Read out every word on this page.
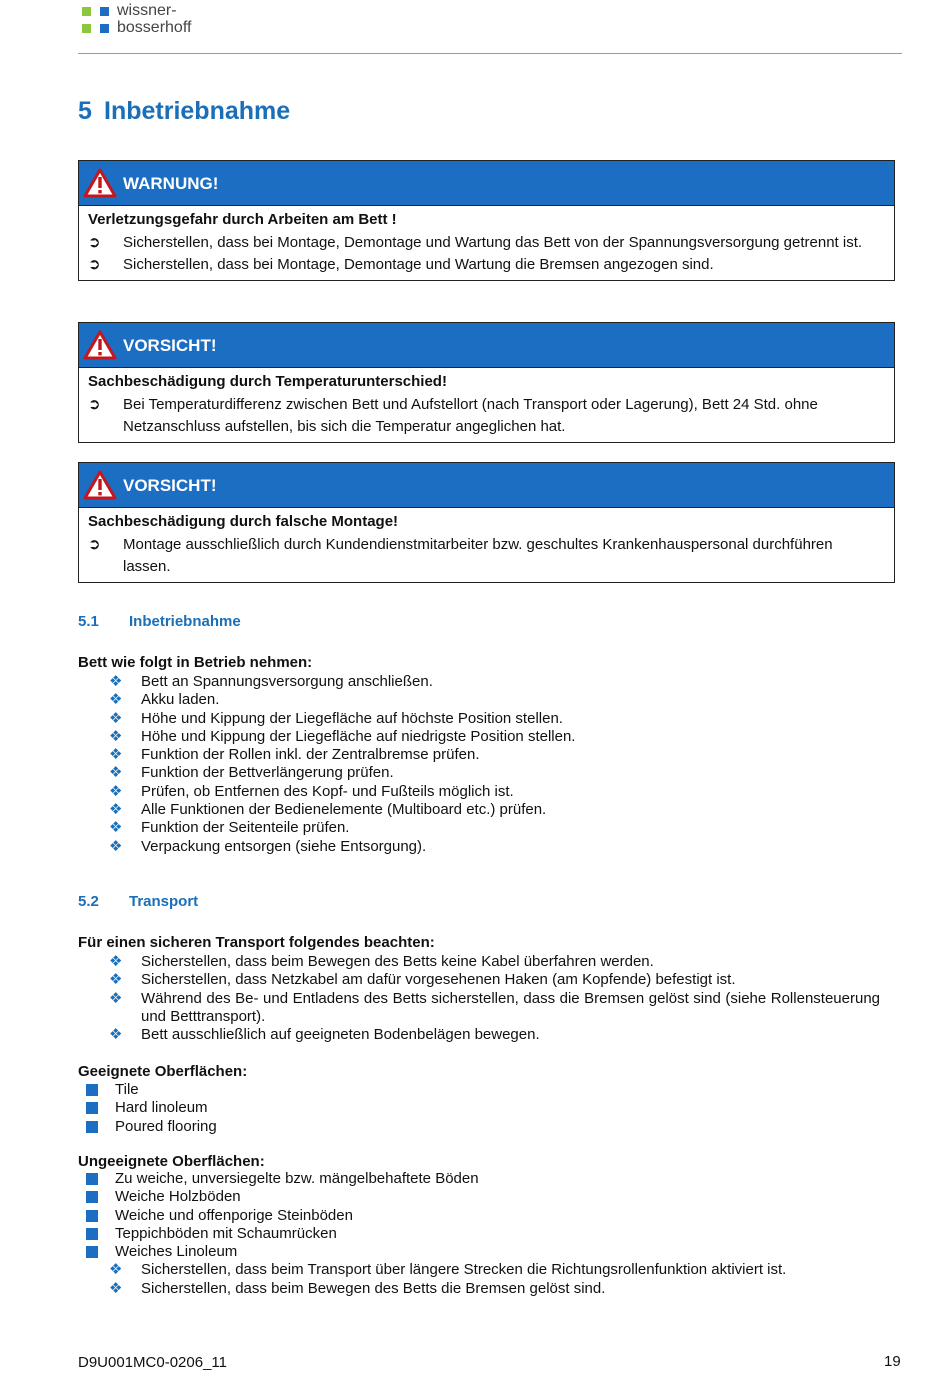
wissner-
bosserhoff
5 Inbetriebnahme
WARNUNG!
Verletzungsgefahr durch Arbeiten am Bett !
➲ Sicherstellen, dass bei Montage, Demontage und Wartung das Bett von der Spannungsversorgung getrennt ist.
➲ Sicherstellen, dass bei Montage, Demontage und Wartung die Bremsen angezogen sind.
VORSICHT!
Sachbeschädigung durch Temperaturunterschied!
➲ Bei Temperaturdifferenz zwischen Bett und Aufstellort (nach Transport oder Lagerung), Bett 24 Std. ohne Netzanschluss aufstellen, bis sich die Temperatur angeglichen hat.
VORSICHT!
Sachbeschädigung durch falsche Montage!
➲ Montage ausschließlich durch Kundendienstmitarbeiter bzw. geschultes Krankenhauspersonal durchführen lassen.
5.1 Inbetriebnahme
Bett wie folgt in Betrieb nehmen:
❖ Bett an Spannungsversorgung anschließen.
❖ Akku laden.
❖ Höhe und Kippung der Liegefläche auf höchste Position stellen.
❖ Höhe und Kippung der Liegefläche auf niedrigste Position stellen.
❖ Funktion der Rollen inkl. der Zentralbremse prüfen.
❖ Funktion der Bettverlängerung prüfen.
❖ Prüfen, ob Entfernen des Kopf- und Fußteils möglich ist.
❖ Alle Funktionen der Bedienelemente (Multiboard etc.) prüfen.
❖ Funktion der Seitenteile prüfen.
❖ Verpackung entsorgen (siehe Entsorgung).
5.2 Transport
Für einen sicheren Transport folgendes beachten:
❖ Sicherstellen, dass beim Bewegen des Betts keine Kabel überfahren werden.
❖ Sicherstellen, dass Netzkabel am dafür vorgesehenen Haken (am Kopfende) befestigt ist.
❖ Während des Be- und Entladens des Betts sicherstellen, dass die Bremsen gelöst sind (siehe Rollensteuerung und Betttransport).
❖ Bett ausschließlich auf geeigneten Bodenbelägen bewegen.
Geeignete Oberflächen:
Tile
Hard linoleum
Poured flooring
Ungeeignete Oberflächen:
Zu weiche, unversiegelte bzw. mängelbehaftete Böden
Weiche Holzböden
Weiche und offenporige Steinböden
Teppichböden mit Schaumrücken
Weiches Linoleum
❖ Sicherstellen, dass beim Transport über längere Strecken die Richtungsrollenfunktion aktiviert ist.
❖ Sicherstellen, dass beim Bewegen des Betts die Bremsen gelöst sind.
D9U001MC0-0206_11	19
